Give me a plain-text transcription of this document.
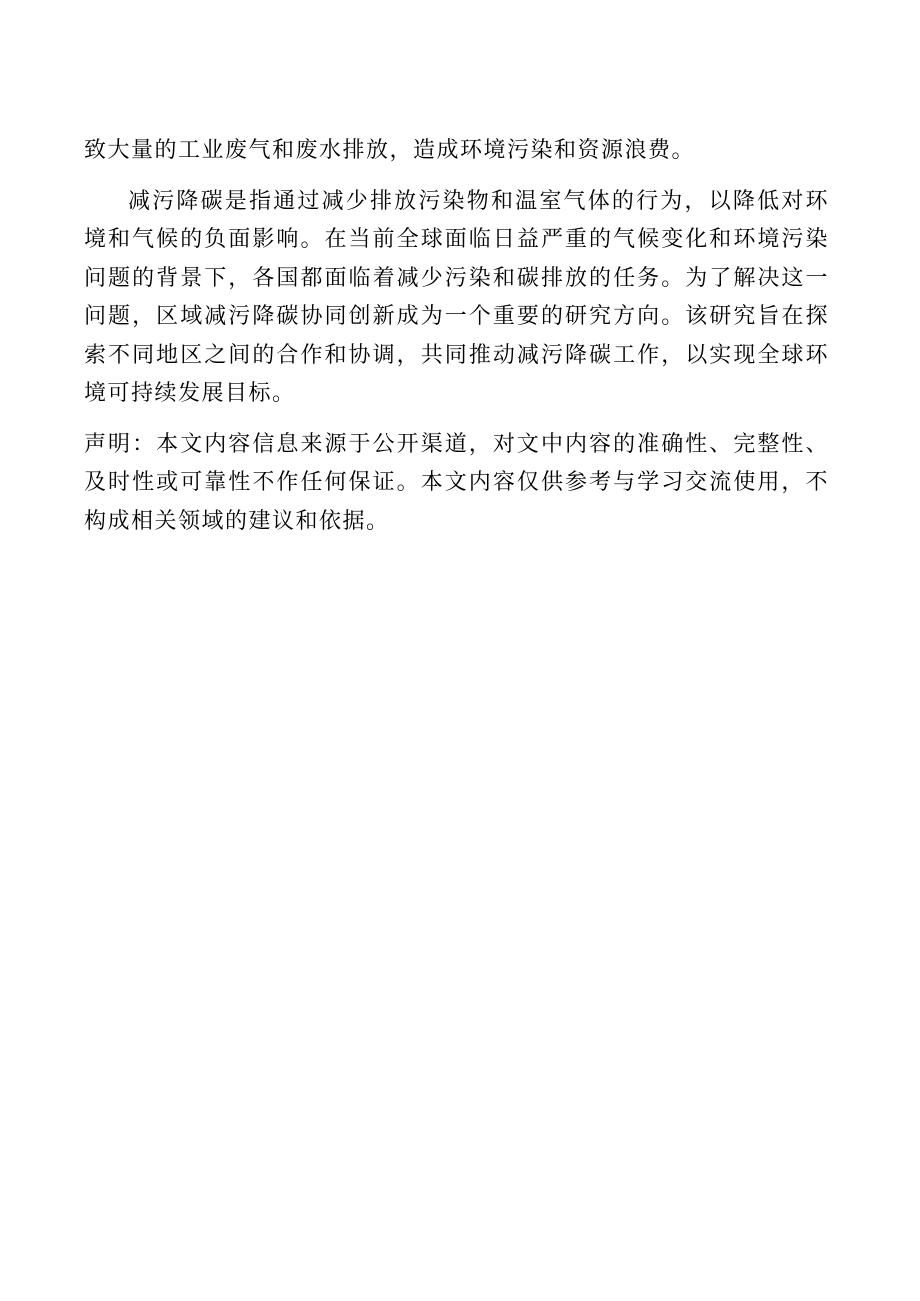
致大量的工业废气和废水排放，造成环境污染和资源浪费。

减污降碳是指通过减少排放污染物和温室气体的行为，以降低对环境和气候的负面影响。在当前全球面临日益严重的气候变化和环境污染问题的背景下，各国都面临着减少污染和碳排放的任务。为了解决这一问题，区域减污降碳协同创新成为一个重要的研究方向。该研究旨在探索不同地区之间的合作和协调，共同推动减污降碳工作，以实现全球环境可持续发展目标。

声明：本文内容信息来源于公开渠道，对文中内容的准确性、完整性、及时性或可靠性不作任何保证。本文内容仅供参考与学习交流使用，不构成相关领域的建议和依据。
